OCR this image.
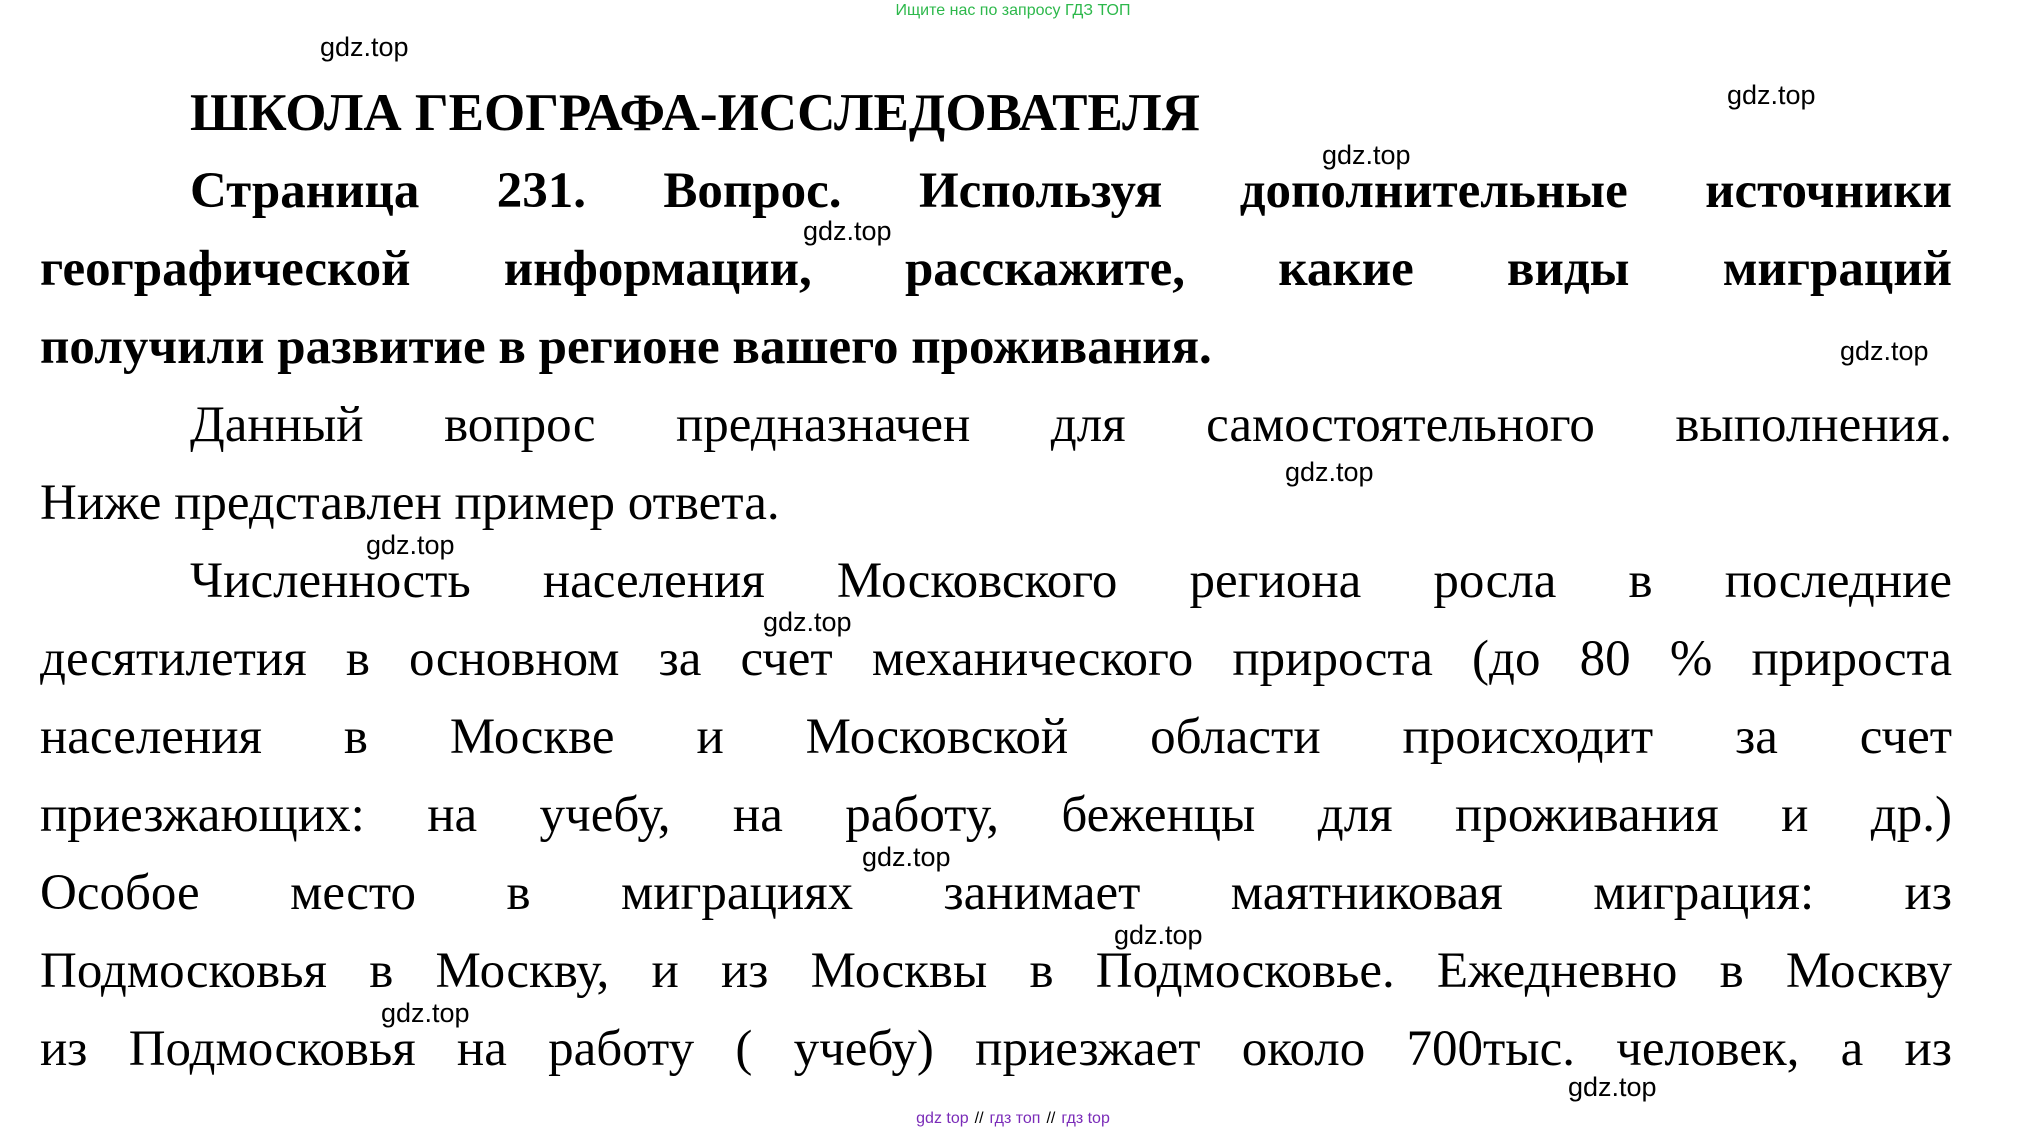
Ищите нас по запросу ГДЗ ТОП
gdz.top
gdz.top
gdz.top
gdz.top
gdz.top
gdz.top
gdz.top
gdz.top
gdz.top
gdz.top
gdz.top
gdz.top
ШКОЛА ГЕОГРАФА-ИССЛЕДОВАТЕЛЯ
Страница 231. Вопрос. Используя дополнительные источники
географической информации, расскажите, какие виды миграций
получили развитие в регионе вашего проживания.
Данный вопрос предназначен для самостоятельного выполнения.
Ниже представлен пример ответа.
Численность населения Московского региона росла в последние
десятилетия в основном за счет механического прироста (до 80 % прироста
населения в Москве и Московской области происходит за счет
приезжающих: на учебу, на работу, беженцы для проживания и др.)
Особое место в миграциях занимает маятниковая миграция: из
Подмосковья в Москву, и из Москвы в Подмосковье. Ежедневно в Москву
из Подмосковья на работу ( учебу) приезжает около 700тыс. человек, а из
gdz top // гдз топ // гдз top
